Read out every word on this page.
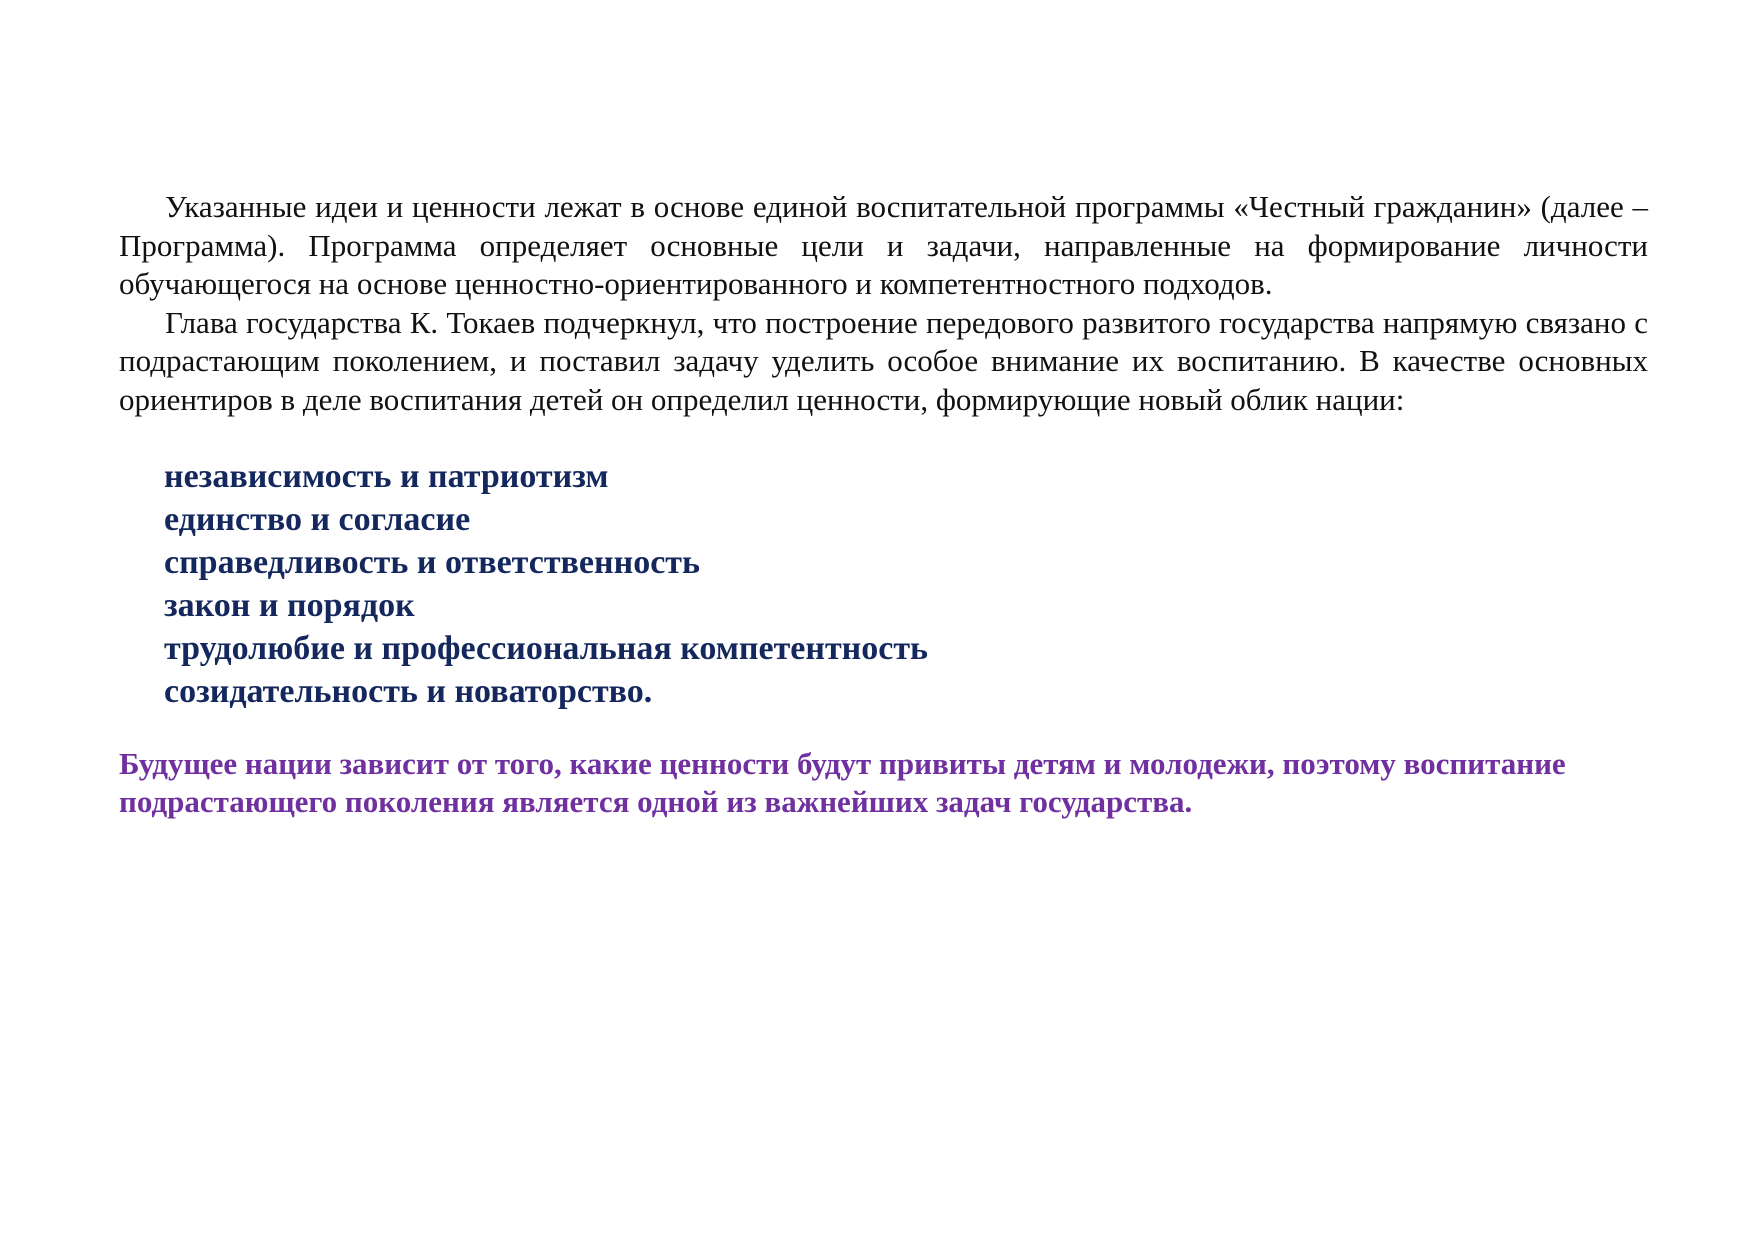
Указанные идеи и ценности лежат в основе единой воспитательной программы «Честный гражданин» (далее – Программа). Программа определяет основные цели и задачи, направленные на формирование личности обучающегося на основе ценностно-ориентированного и компетентностного подходов.

Глава государства К. Токаев подчеркнул, что построение передового развитого государства напрямую связано с подрастающим поколением, и поставил задачу уделить особое внимание их воспитанию. В качестве основных ориентиров в деле воспитания детей он определил ценности, формирующие новый облик нации:

независимость и патриотизм
единство и согласие
справедливость и ответственность
закон и порядок
трудолюбие и профессиональная компетентность
созидательность и новаторство.

Будущее нации зависит от того, какие ценности будут привиты детям и молодежи, поэтому воспитание подрастающего поколения является одной из важнейших задач государства.
